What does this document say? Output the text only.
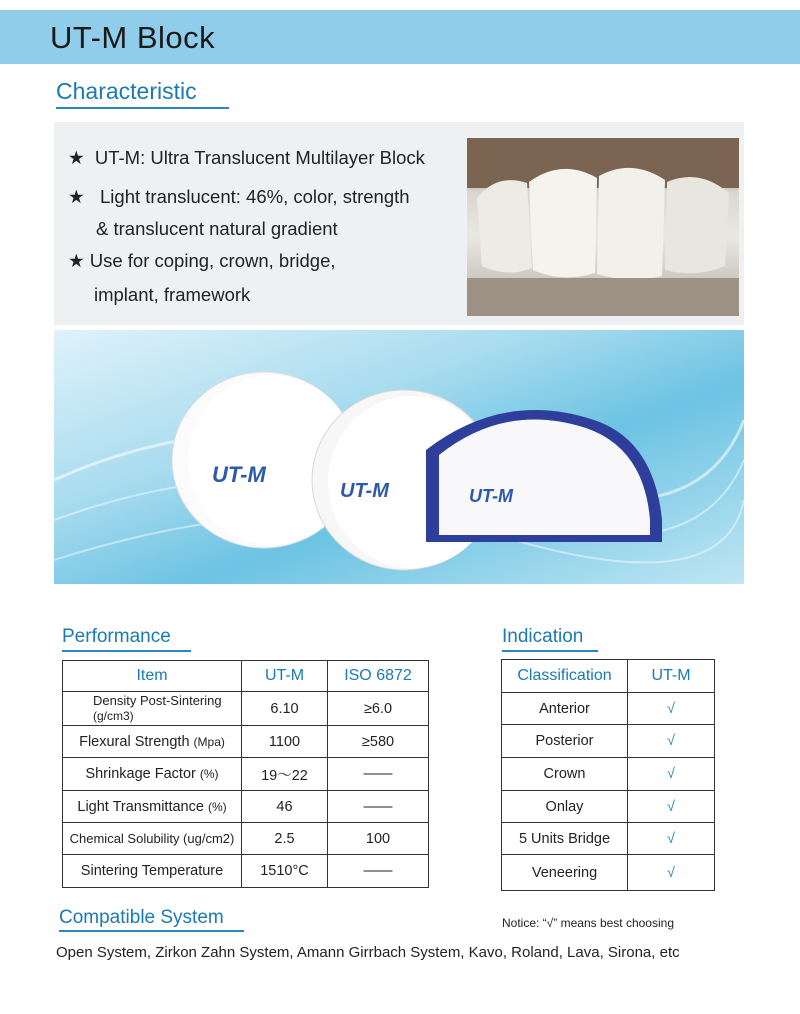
UT-M Block
Characteristic
★ UT-M: Ultra Translucent Multilayer Block
★ Light translucent: 46%, color, strength
& translucent natural gradient
★ Use for coping, crown, bridge,
implant, framework
UT-M
UT-M	UT-M
Performance
Item	UT-M	ISO 6872
Density Post-Sintering (g/cm3)	6.10	≥6.0
Flexural Strength (Mpa)	1100	≥580
Shrinkage Factor (%)	19～22	——
Light Transmittance (%)	46	——
Chemical Solubility (ug/cm2)	2.5	100
Sintering Temperature	1510°C	——
Indication
Classification	UT-M
Anterior	√
Posterior	√
Crown	√
Onlay	√
5 Units Bridge	√
Veneering	√
Compatible System	Notice: “√” means best choosing
Open System, Zirkon Zahn System, Amann Girrbach System, Kavo, Roland, Lava, Sirona, etc
